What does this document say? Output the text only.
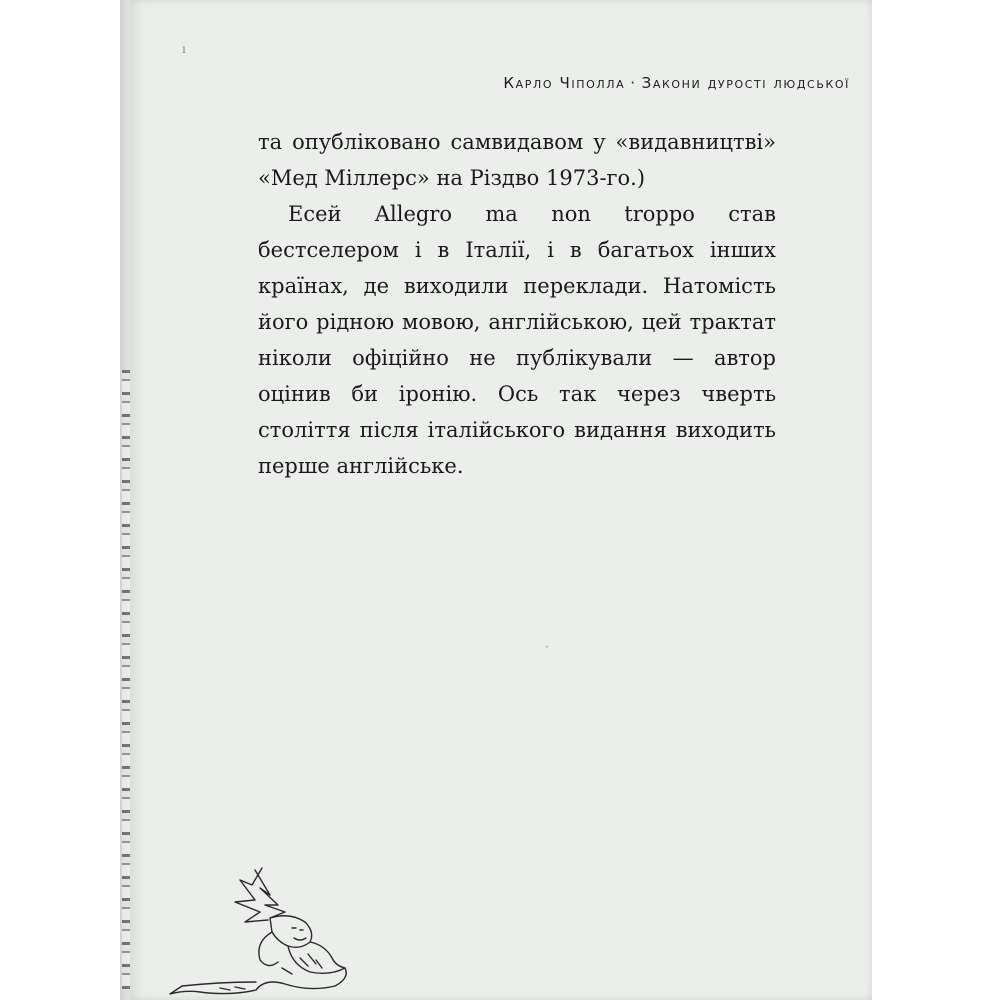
Карло Чіполла · Закони дурості людської

та опубліковано самвидавом у «видавництві» «Мед Міллерс» на Різдво 1973-го.)

Есей Allegro ma non troppo став бестселером і в Італії, і в багатьох інших країнах, де виходили переклади. Натомість його рідною мовою, англійською, цей трактат ніколи офіційно не публікували — автор оцінив би іронію. Ось так через чверть століття після італійського видання виходить перше англійське.

ı
·
